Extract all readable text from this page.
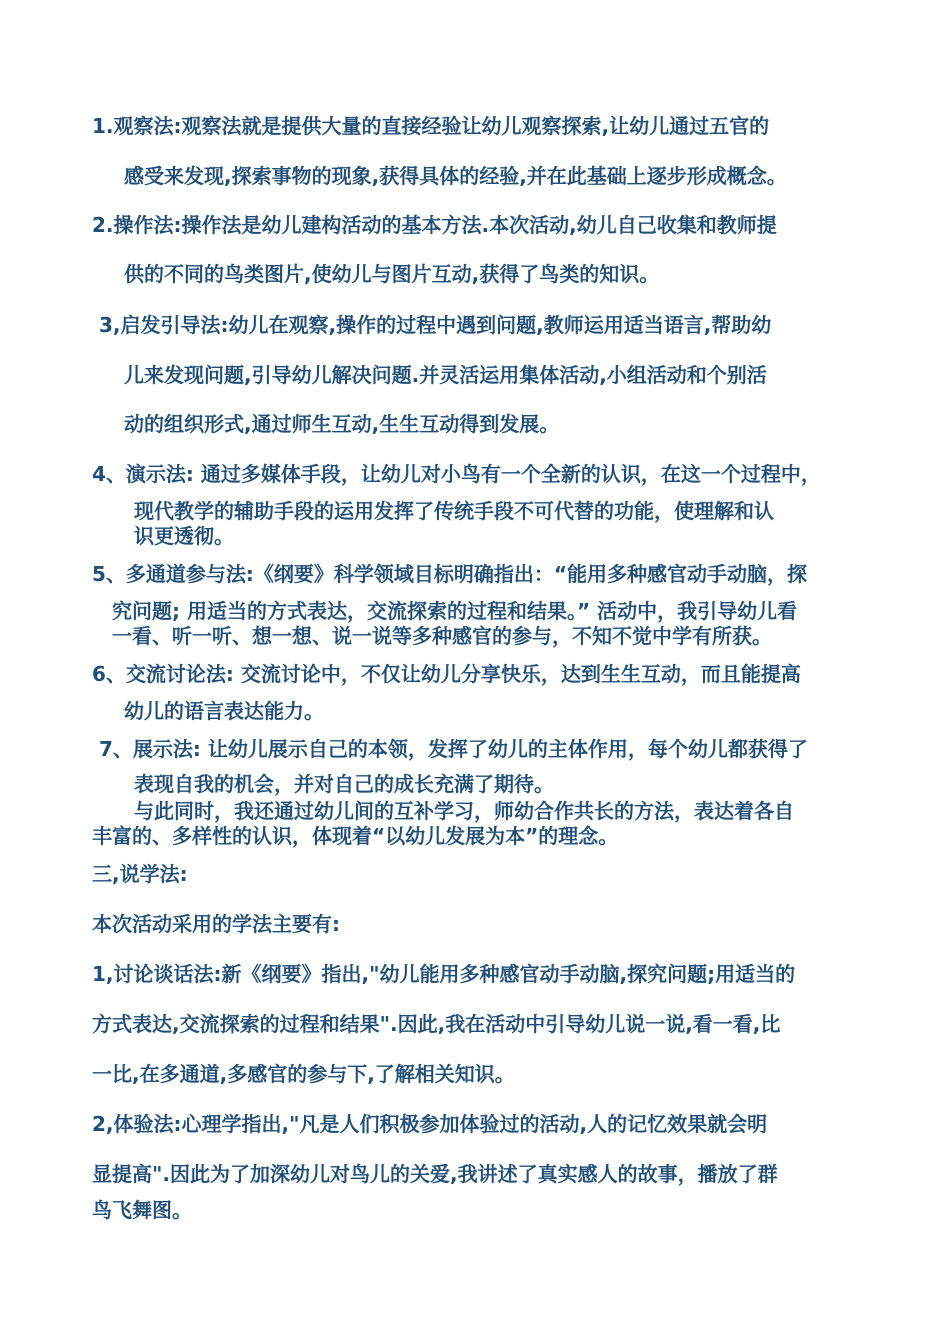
1.观察法:观察法就是提供大量的直接经验让幼儿观察探索,让幼儿通过五官的
感受来发现,探索事物的现象,获得具体的经验,并在此基础上逐步形成概念。
2.操作法:操作法是幼儿建构活动的基本方法.本次活动,幼儿自己收集和教师提
供的不同的鸟类图片,使幼儿与图片互动,获得了鸟类的知识。
3,启发引导法:幼儿在观察,操作的过程中遇到问题,教师运用适当语言,帮助幼
儿来发现问题,引导幼儿解决问题.并灵活运用集体活动,小组活动和个别活
动的组织形式,通过师生互动,生生互动得到发展。
4、演示法: 通过多媒体手段，让幼儿对小鸟有一个全新的认识，在这一个过程中，
现代教学的辅助手段的运用发挥了传统手段不可代替的功能，使理解和认
识更透彻。
5、多通道参与法:《纲要》科学领域目标明确指出：“能用多种感官动手动脑，探
究问题; 用适当的方式表达，交流探索的过程和结果。” 活动中，我引导幼儿看
一看、听一听、想一想、说一说等多种感官的参与，不知不觉中学有所获。
6、交流讨论法: 交流讨论中，不仅让幼儿分享快乐，达到生生互动，而且能提高
幼儿的语言表达能力。
7、展示法: 让幼儿展示自己的本领，发挥了幼儿的主体作用，每个幼儿都获得了
表现自我的机会，并对自己的成长充满了期待。
与此同时，我还通过幼儿间的互补学习，师幼合作共长的方法，表达着各自
丰富的、多样性的认识，体现着“以幼儿发展为本”的理念。
三,说学法:
本次活动采用的学法主要有:
1,讨论谈话法:新《纲要》指出,"幼儿能用多种感官动手动脑,探究问题;用适当的
方式表达,交流探索的过程和结果".因此,我在活动中引导幼儿说一说,看一看,比
一比,在多通道,多感官的参与下,了解相关知识。
2,体验法:心理学指出,"凡是人们积极参加体验过的活动,人的记忆效果就会明
显提高".因此为了加深幼儿对鸟儿的关爱,我讲述了真实感人的故事，播放了群
鸟飞舞图。
